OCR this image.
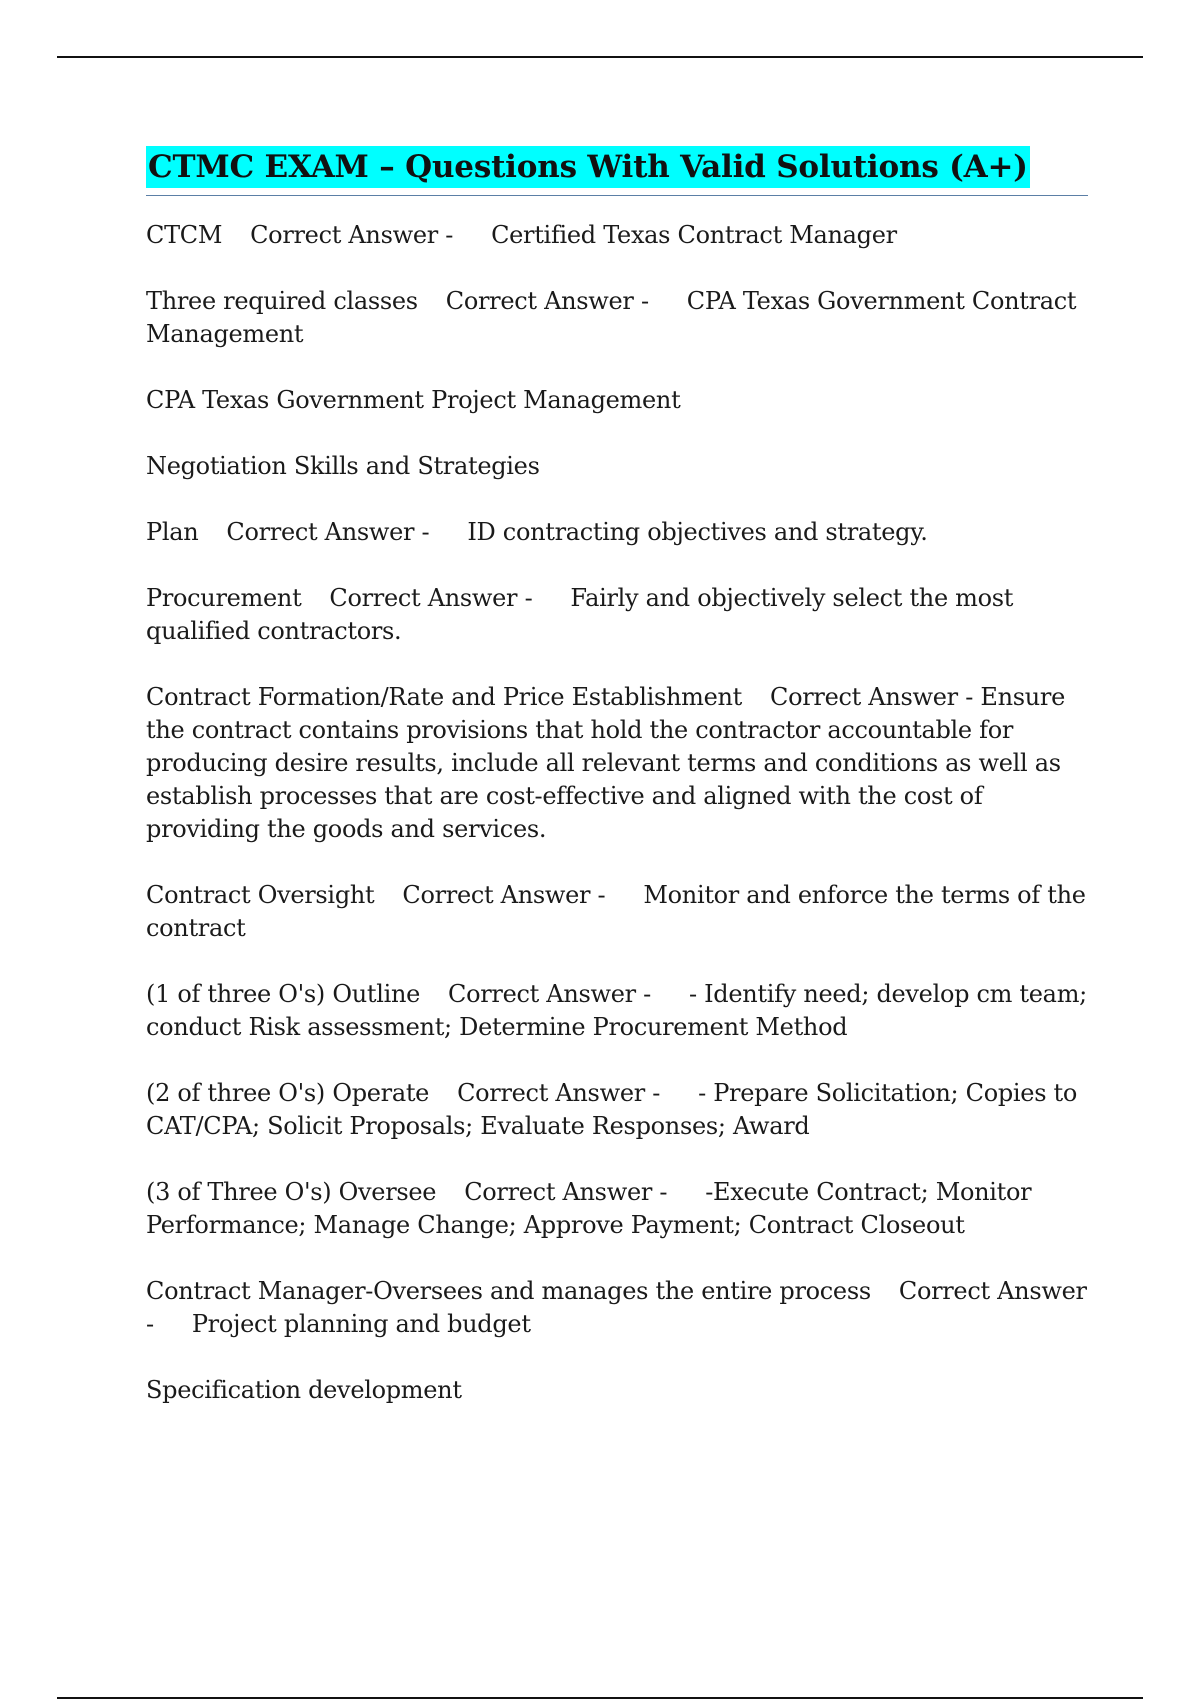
CTMC EXAM – Questions With Valid Solutions (A+)

CTCM Correct Answer - Certified Texas Contract Manager

Three required classes Correct Answer - CPA Texas Government Contract Management

CPA Texas Government Project Management

Negotiation Skills and Strategies

Plan Correct Answer - ID contracting objectives and strategy.

Procurement Correct Answer - Fairly and objectively select the most qualified contractors.

Contract Formation/Rate and Price Establishment Correct Answer - Ensure the contract contains provisions that hold the contractor accountable for producing desire results, include all relevant terms and conditions as well as establish processes that are cost-effective and aligned with the cost of providing the goods and services.

Contract Oversight Correct Answer - Monitor and enforce the terms of the contract

(1 of three O's) Outline Correct Answer - - Identify need; develop cm team; conduct Risk assessment; Determine Procurement Method

(2 of three O's) Operate Correct Answer - - Prepare Solicitation; Copies to CAT/CPA; Solicit Proposals; Evaluate Responses; Award

(3 of Three O's) Oversee Correct Answer - -Execute Contract; Monitor Performance; Manage Change; Approve Payment; Contract Closeout

Contract Manager-Oversees and manages the entire process Correct Answer - Project planning and budget

Specification development
